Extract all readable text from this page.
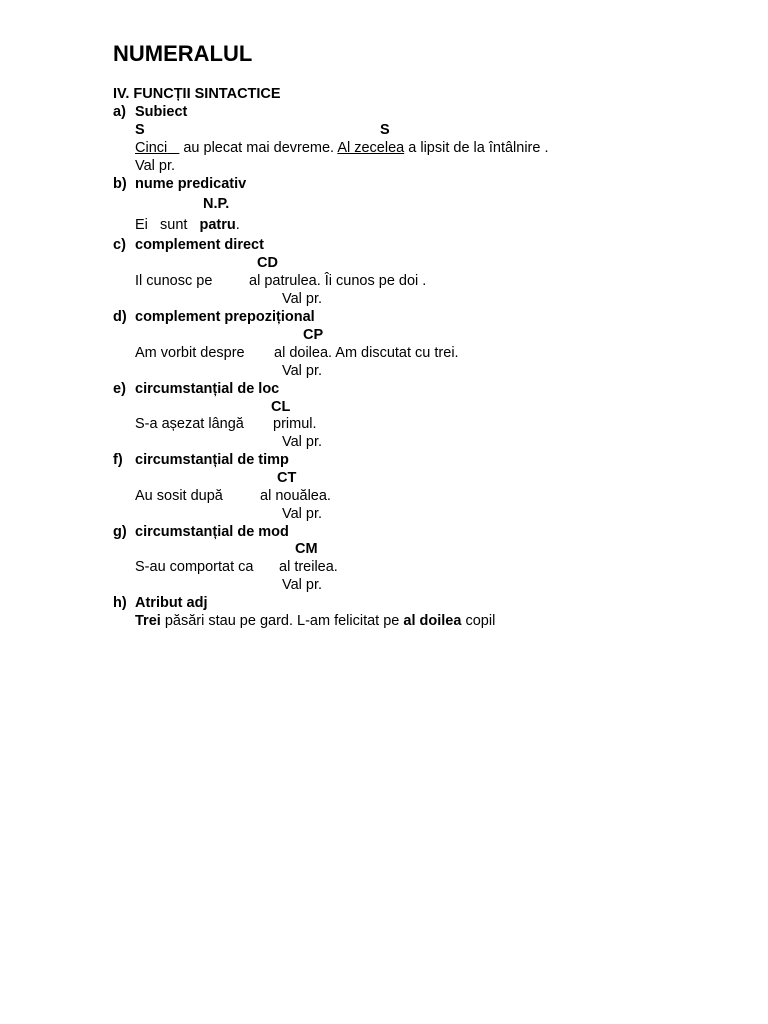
NUMERALUL
IV. FUNCȚII SINTACTICE
a) Subiect
S	S
Cinci au plecat mai devreme. Al zecelea a lipsit de la întâlnire .
Val pr.
b) nume predicativ
N.P.
Ei sunt patru.
c) complement direct
CD
Il cunosc pe	al patrulea. Îi cunos pe doi .
Val pr.
d) complement prepozițional
CP
Am vorbit despre al doilea. Am discutat cu trei.
Val pr.
e) circumstanțial de loc
CL
S-a așezat lângă primul.
Val pr.
f) circumstanțial de timp
CT
Au sosit după	al nouălea.
Val pr.
g) circumstanțial de mod
CM
S-au comportat ca al treilea.
Val pr.
h) Atribut adj
Trei păsări stau pe gard. L-am felicitat pe al doilea copil
